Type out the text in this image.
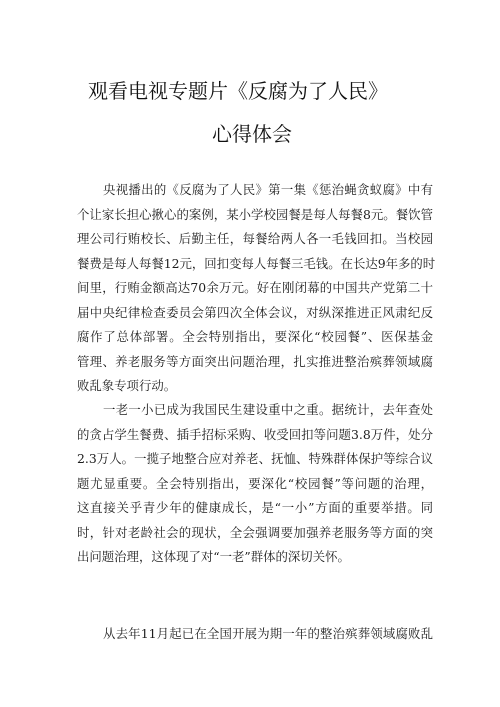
观看电视专题片《反腐为了人民》
心得体会

央视播出的《反腐为了人民》第一集《惩治蝇贪蚁腐》中有
个让家长担心揪心的案例，某小学校园餐是每人每餐8元。餐饮管
理公司行贿校长、后勤主任，每餐给两人各一毛钱回扣。当校园
餐费是每人每餐12元，回扣变每人每餐三毛钱。在长达9年多的时
间里，行贿金额高达70余万元。好在刚闭幕的中国共产党第二十
届中央纪律检查委员会第四次全体会议，对纵深推进正风肃纪反
腐作了总体部署。全会特别指出，要深化“校园餐”、医保基金
管理、养老服务等方面突出问题治理，扎实推进整治殡葬领域腐
败乱象专项行动。

一老一小已成为我国民生建设重中之重。据统计，去年查处
的贪占学生餐费、插手招标采购、收受回扣等问题3.8万件，处分
2.3万人。一揽子地整合应对养老、抚恤、特殊群体保护等综合议
题尤显重要。全会特别指出，要深化“校园餐”等问题的治理，
这直接关乎青少年的健康成长，是“一小”方面的重要举措。同
时，针对老龄社会的现状，全会强调要加强养老服务等方面的突
出问题治理，这体现了对“一老”群体的深切关怀。

从去年11月起已在全国开展为期一年的整治殡葬领域腐败乱
